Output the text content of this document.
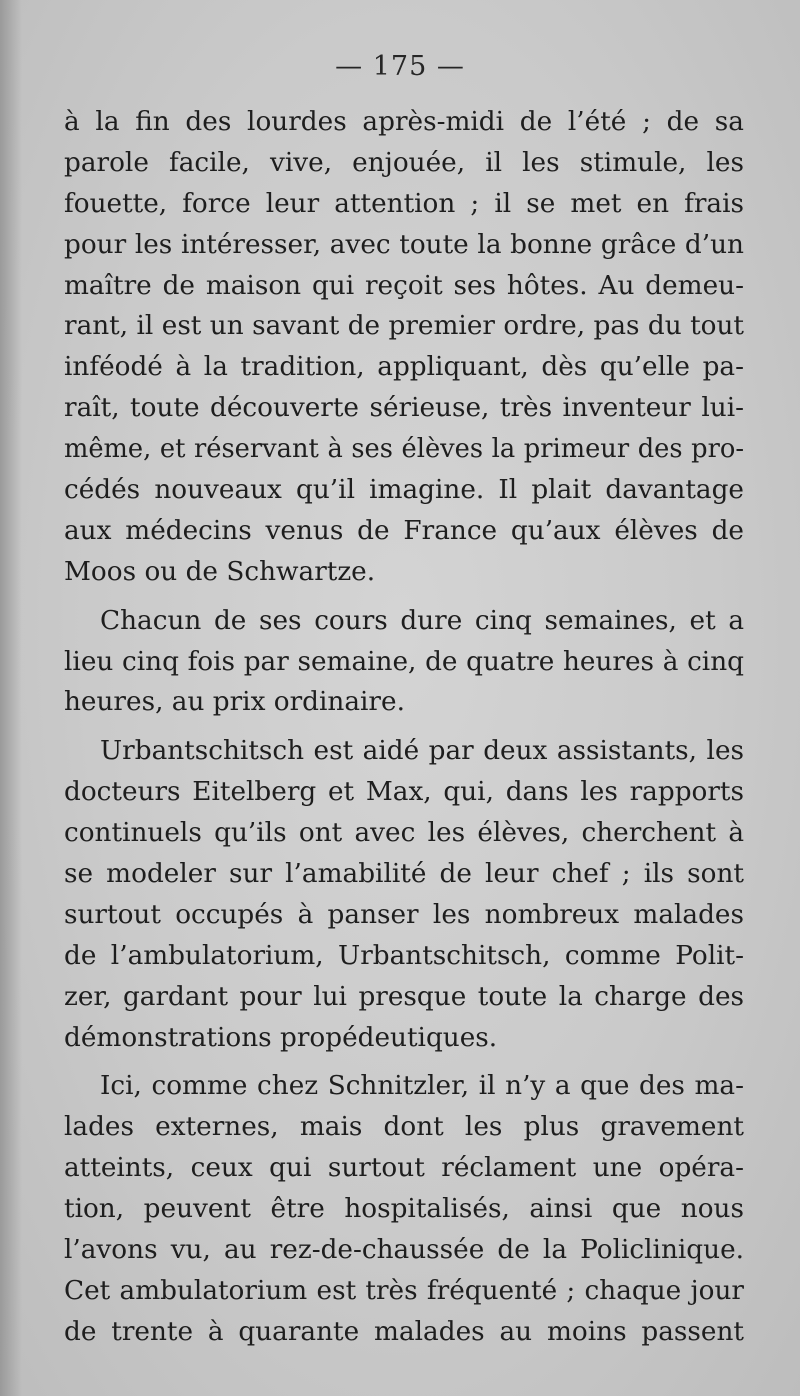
— 175 —
à la fin des lourdes après-midi de l’été ; de sa
parole facile, vive, enjouée, il les stimule, les
fouette, force leur attention ; il se met en frais
pour les intéresser, avec toute la bonne grâce d’un
maître de maison qui reçoit ses hôtes. Au demeu-
rant, il est un savant de premier ordre, pas du tout
inféodé à la tradition, appliquant, dès qu’elle pa-
raît, toute découverte sérieuse, très inventeur lui-
même, et réservant à ses élèves la primeur des pro-
cédés nouveaux qu’il imagine. Il plait davantage
aux médecins venus de France qu’aux élèves de
Moos ou de Schwartze.
Chacun de ses cours dure cinq semaines, et a
lieu cinq fois par semaine, de quatre heures à cinq
heures, au prix ordinaire.
Urbantschitsch est aidé par deux assistants, les
docteurs Eitelberg et Max, qui, dans les rapports
continuels qu’ils ont avec les élèves, cherchent à
se modeler sur l’amabilité de leur chef ; ils sont
surtout occupés à panser les nombreux malades
de l’ambulatorium, Urbantschitsch, comme Polit-
zer, gardant pour lui presque toute la charge des
démonstrations propédeutiques.
Ici, comme chez Schnitzler, il n’y a que des ma-
lades externes, mais dont les plus gravement
atteints, ceux qui surtout réclament une opéra-
tion, peuvent être hospitalisés, ainsi que nous
l’avons vu, au rez-de-chaussée de la Policlinique.
Cet ambulatorium est très fréquenté ; chaque jour
de trente à quarante malades au moins passent
